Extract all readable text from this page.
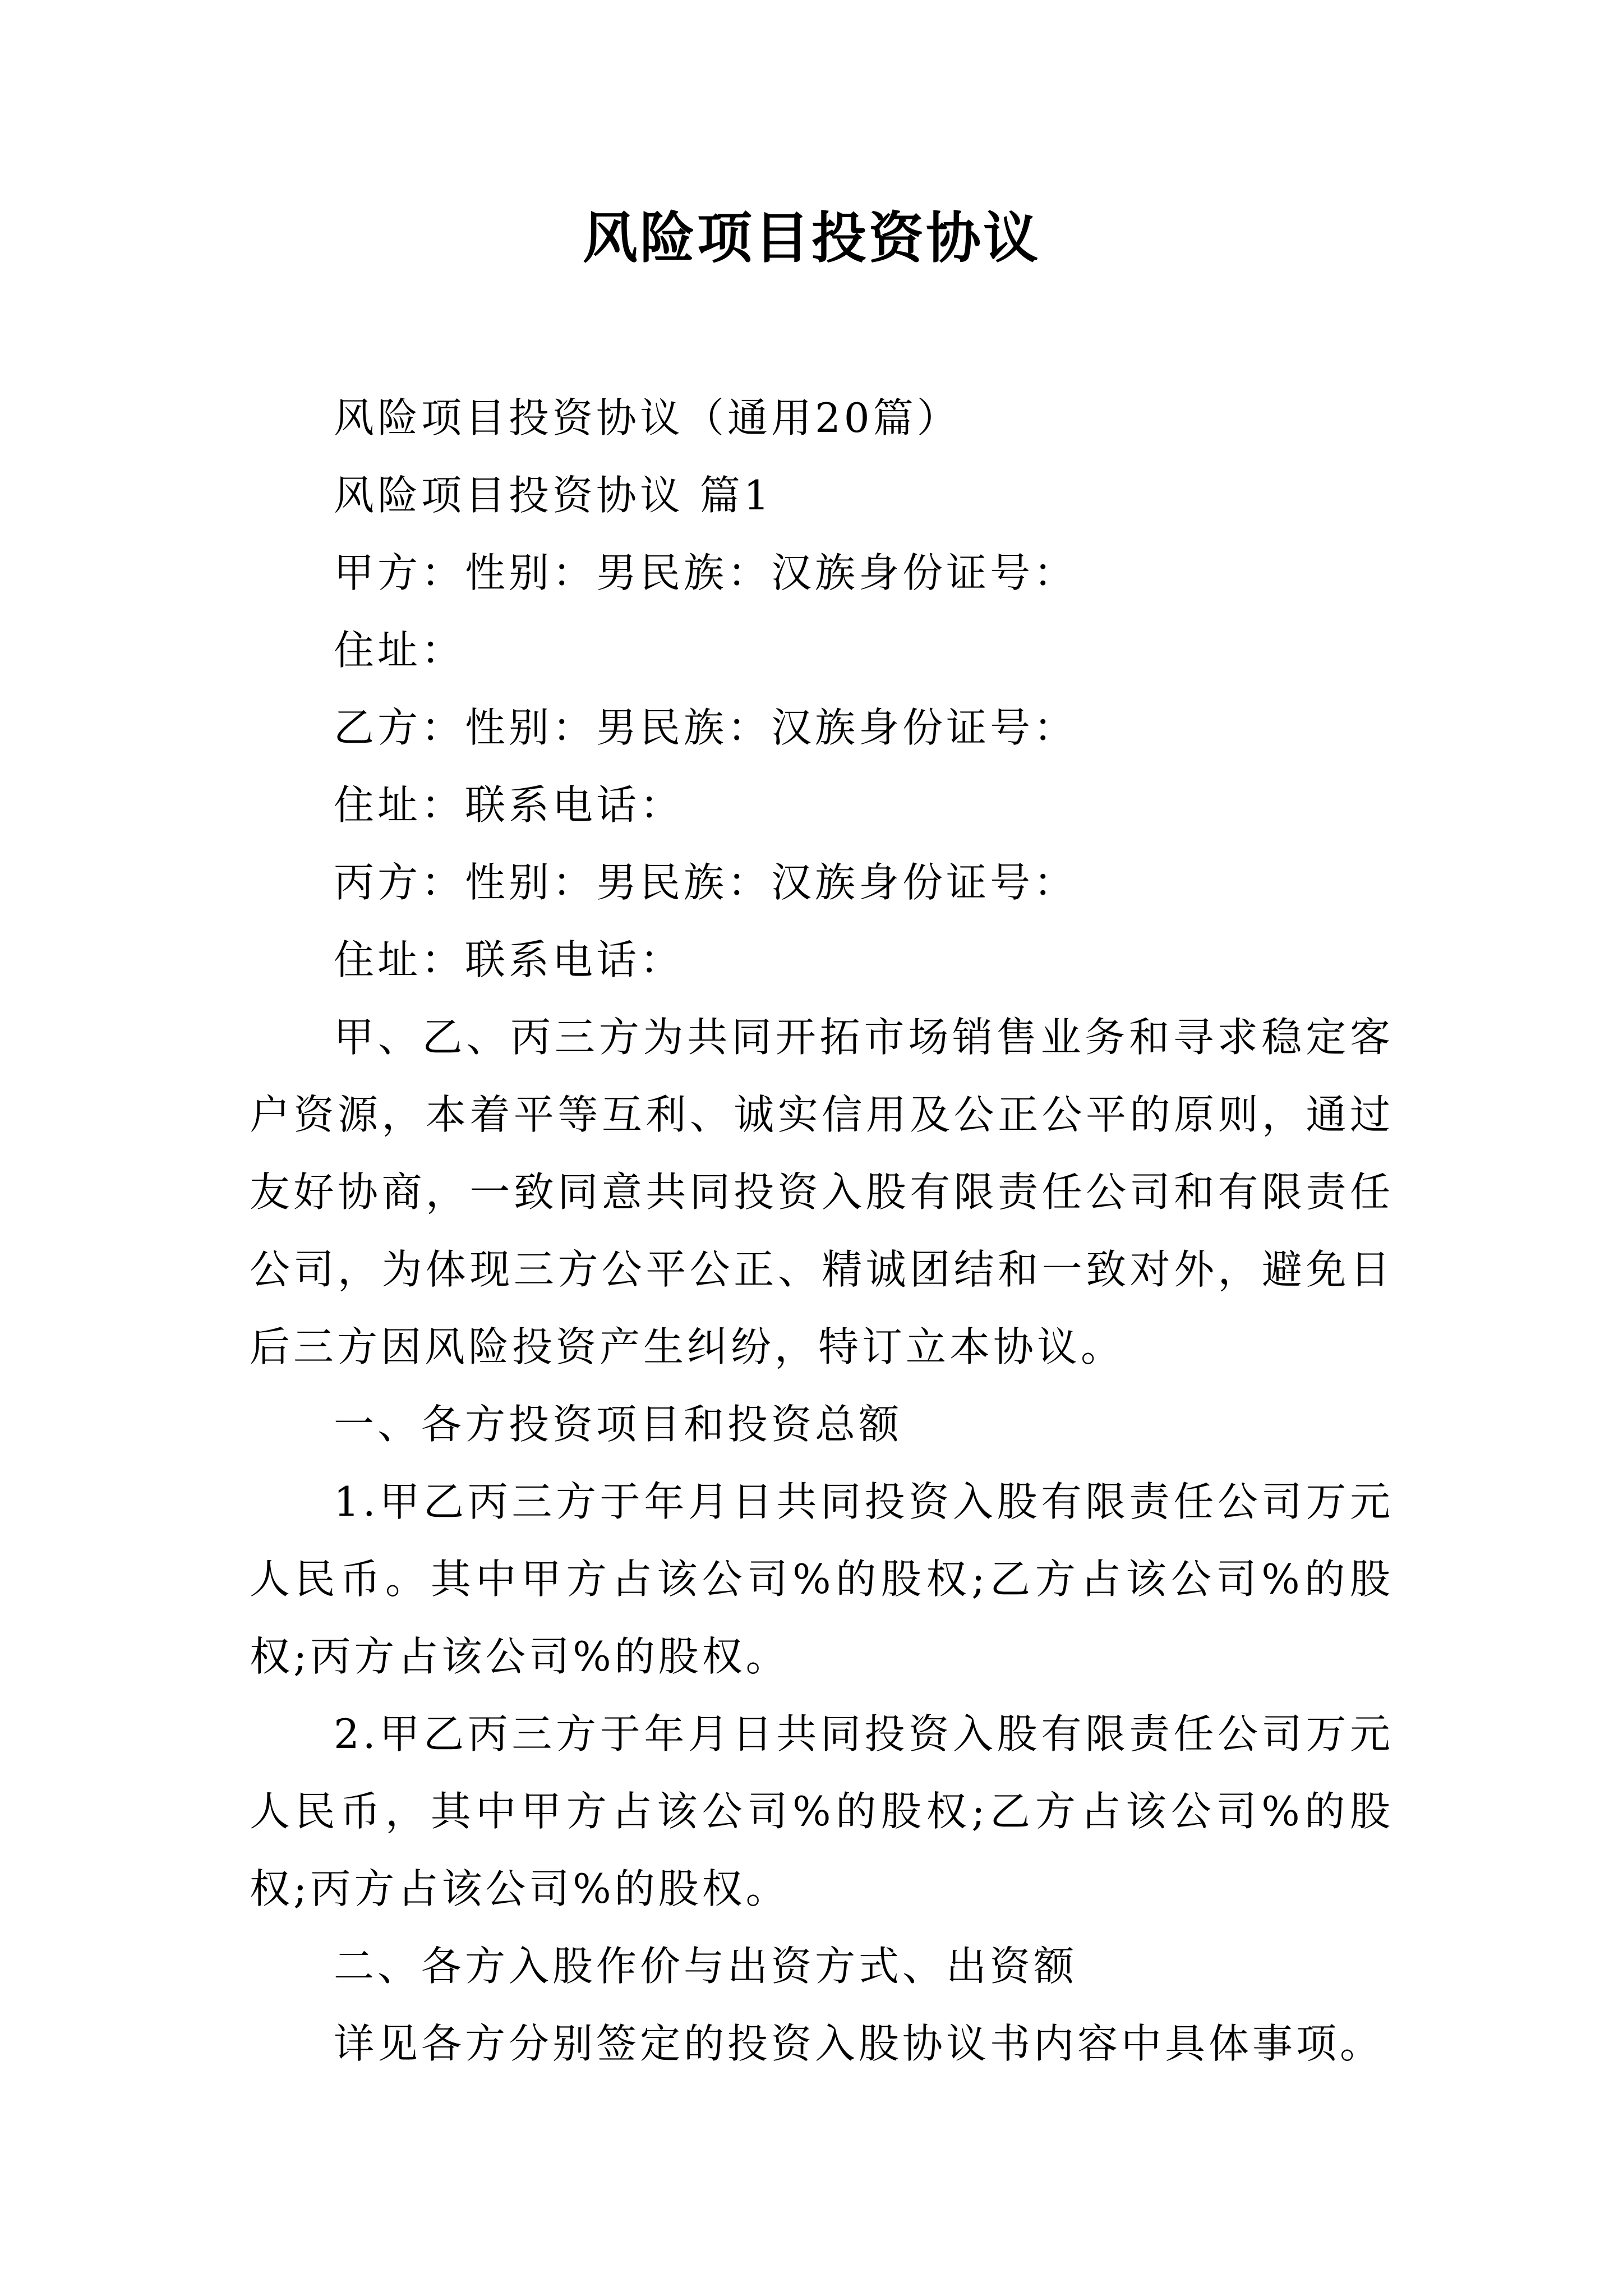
风险项目投资协议

风险项目投资协议（通用20篇）

风险项目投资协议 篇1

甲方：性别：男民族：汉族身份证号：

住址：

乙方：性别：男民族：汉族身份证号：

住址：联系电话：

丙方：性别：男民族：汉族身份证号：

住址：联系电话：

甲、乙、丙三方为共同开拓市场销售业务和寻求稳定客户资源，本着平等互利、诚实信用及公正公平的原则，通过友好协商，一致同意共同投资入股有限责任公司和有限责任公司，为体现三方公平公正、精诚团结和一致对外，避免日后三方因风险投资产生纠纷，特订立本协议。

一、各方投资项目和投资总额

1.甲乙丙三方于年月日共同投资入股有限责任公司万元人民币。其中甲方占该公司%的股权;乙方占该公司%的股权;丙方占该公司%的股权。

2.甲乙丙三方于年月日共同投资入股有限责任公司万元人民币，其中甲方占该公司%的股权;乙方占该公司%的股权;丙方占该公司%的股权。

二、各方入股作价与出资方式、出资额

详见各方分别签定的投资入股协议书内容中具体事项。
